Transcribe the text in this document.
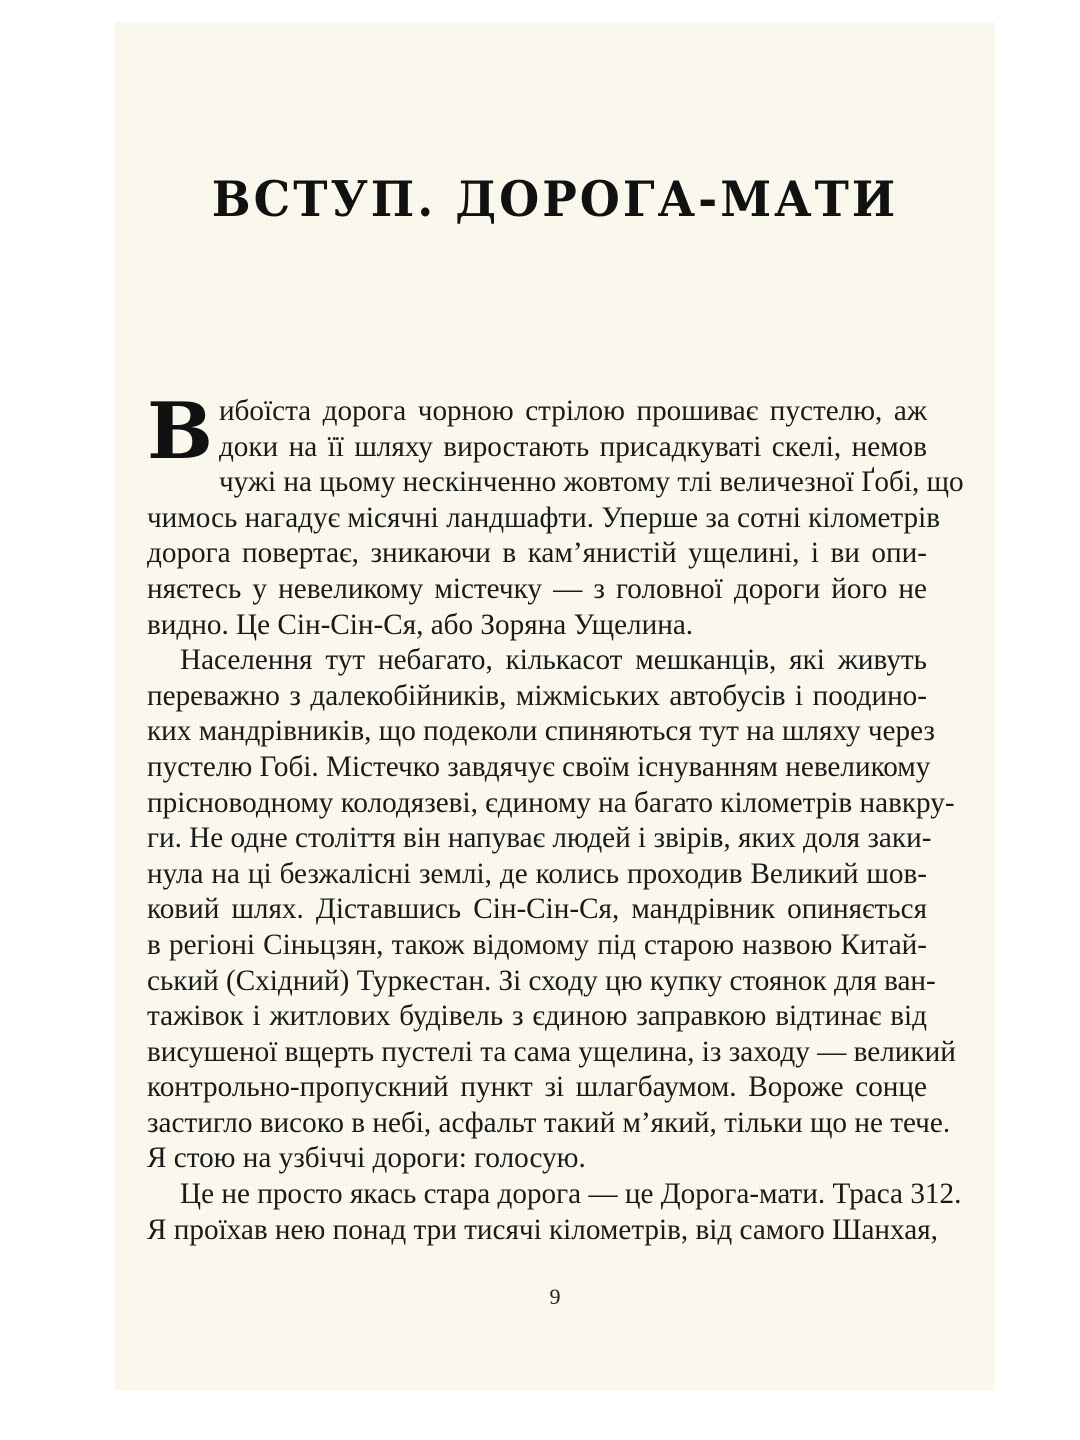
ВСТУП. ДОРОГА-МАТИ
В ибоїста дорога чорною стрілою прошиває пустелю, аж
доки на її шляху виростають присадкуваті скелі, немов
чужі на цьому нескінченно жовтому тлі величезної Ґобі, що
чимось нагадує місячні ландшафти. Уперше за сотні кілометрів
дорога повертає, зникаючи в кам’янистій ущелині, і ви опи-
няєтесь у невеликому містечку — з головної дороги його не
видно. Це Сін-Сін-Ся, або Зоряна Ущелина.
Населення тут небагато, кількасот мешканців, які живуть
переважно з далекобійників, міжміських автобусів і поодино-
ких мандрівників, що подеколи спиняються тут на шляху через
пустелю Гобі. Містечко завдячує своїм існуванням невеликому
прісноводному колодязеві, єдиному на багато кілометрів навкру-
ги. Не одне століття він напуває людей і звірів, яких доля заки-
нула на ці безжалісні землі, де колись проходив Великий шов-
ковий шлях. Діставшись Сін-Сін-Ся, мандрівник опиняється
в регіоні Сіньцзян, також відомому під старою назвою Китай-
ський (Східний) Туркестан. Зі сходу цю купку стоянок для ван-
тажівок і житлових будівель з єдиною заправкою відтинає від
висушеної вщерть пустелі та сама ущелина, із заходу — великий
контрольно-пропускний пункт зі шлагбаумом. Вороже сонце
застигло високо в небі, асфальт такий м’який, тільки що не тече.
Я стою на узбіччі дороги: голосую.
Це не просто якась стара дорога — це Дорога-мати. Траса 312.
Я проїхав нею понад три тисячі кілометрів, від самого Шанхая,
9
